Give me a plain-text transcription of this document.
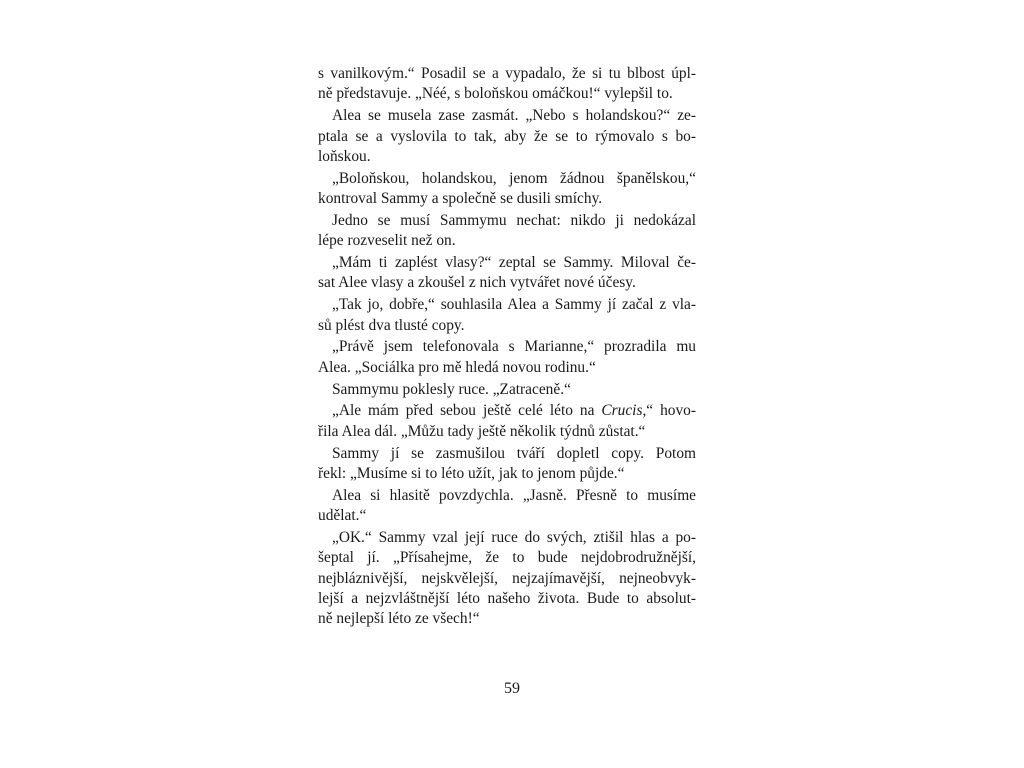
s vanilkovým.“ Posadil se a vypadalo, že si tu blbost úpl-
ně představuje. „Néé, s boloňskou omáčkou!“ vylepšil to.
Alea se musela zase zasmát. „Nebo s holandskou?“ ze-
ptala se a vyslovila to tak, aby že se to rýmovalo s bo-
loňskou.
„Boloňskou, holandskou, jenom žádnou španělskou,“
kontroval Sammy a společně se dusili smíchy.
Jedno se musí Sammymu nechat: nikdo ji nedokázal
lépe rozveselit než on.
„Mám ti zaplést vlasy?“ zeptal se Sammy. Miloval če-
sat Alee vlasy a zkoušel z nich vytvářet nové účesy.
„Tak jo, dobře,“ souhlasila Alea a Sammy jí začal z vla-
sů plést dva tlusté copy.
„Právě jsem telefonovala s Marianne,“ prozradila mu
Alea. „Sociálka pro mě hledá novou rodinu.“
Sammymu poklesly ruce. „Zatraceně.“
„Ale mám před sebou ještě celé léto na Crucis,“ hovo-
řila Alea dál. „Můžu tady ještě několik týdnů zůstat.“
Sammy jí se zasmušilou tváří dopletl copy. Potom
řekl: „Musíme si to léto užít, jak to jenom půjde.“
Alea si hlasitě povzdychla. „Jasně. Přesně to musíme
udělat.“
„OK.“ Sammy vzal její ruce do svých, ztišil hlas a po-
šeptal jí. „Přísahejme, že to bude nejdobrodružnější,
nejbláznivější, nejskvělejší, nejzajímavější, nejneobvyk-
lejší a nejzvláštnější léto našeho života. Bude to absolut-
ně nejlepší léto ze všech!“
59
